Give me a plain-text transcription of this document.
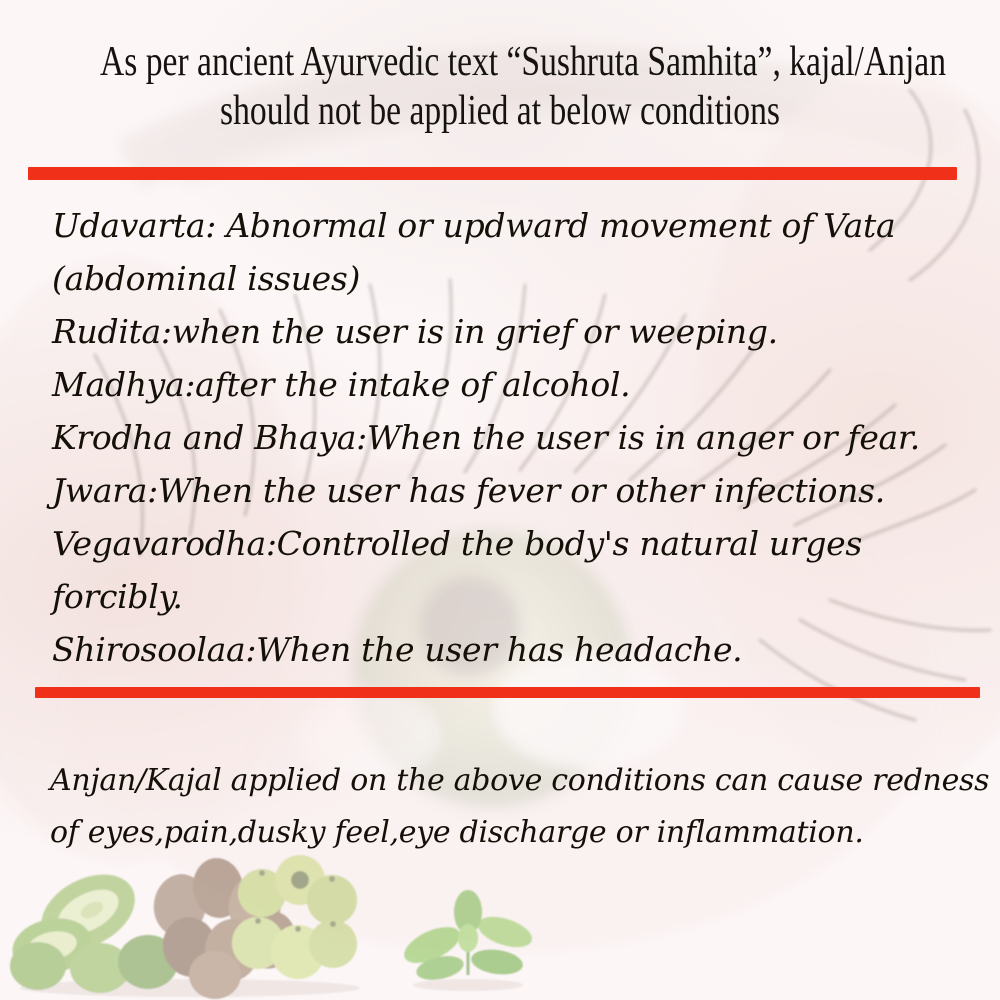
As per ancient Ayurvedic text “Sushruta Samhita”, kajal/Anjan
should not be applied at below conditions
Udavarta: Abnormal or updward movement of Vata (abdominal issues)
Rudita:when the user is in grief or weeping.
Madhya:after the intake of alcohol.
Krodha and Bhaya:When the user is in anger or fear.
Jwara:When the user has fever or other infections.
Vegavarodha:Controlled the body's natural urges forcibly.
Shirosoolaa:When the user has headache.
Anjan/Kajal applied on the above conditions can cause redness of eyes,pain,dusky feel,eye discharge or inflammation.
